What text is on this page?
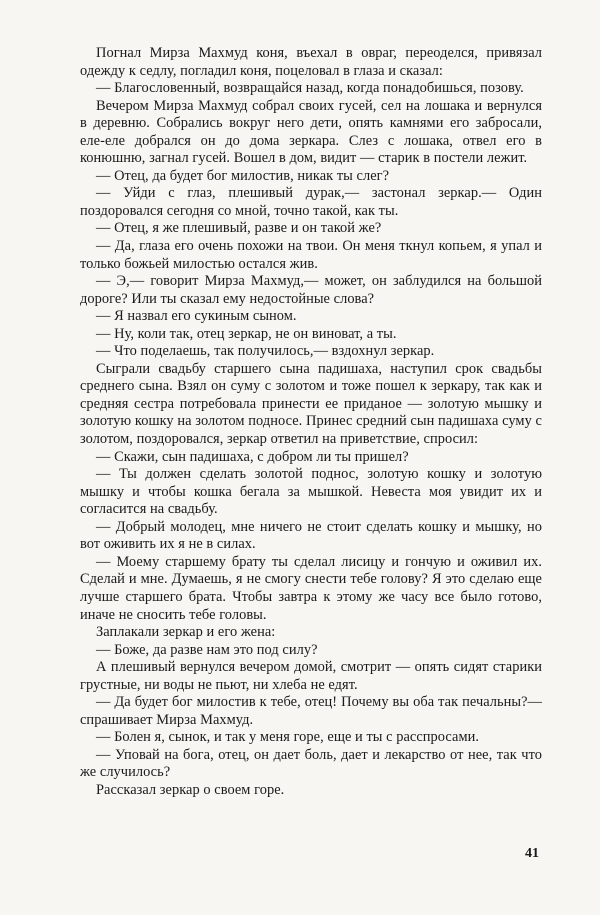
Погнал Мирза Махмуд коня, въехал в овраг, переоделся, привязал одежду к седлу, погладил коня, поцеловал в глаза и сказал:

— Благословенный, возвращайся назад, когда понадобишься, позову.

Вечером Мирза Махмуд собрал своих гусей, сел на лошака и вернулся в деревню. Собрались вокруг него дети, опять камнями его забросали, еле-еле добрался он до дома зеркара. Слез с лошака, отвел его в конюшню, загнал гусей. Вошел в дом, видит — старик в постели лежит.

— Отец, да будет бог милостив, никак ты слег?

— Уйди с глаз, плешивый дурак,— застонал зеркар.— Один поздоровался сегодня со мной, точно такой, как ты.

— Отец, я же плешивый, разве и он такой же?

— Да, глаза его очень похожи на твои. Он меня ткнул копьем, я упал и только божьей милостью остался жив.

— Э,— говорит Мирза Махмуд,— может, он заблудился на большой дороге? Или ты сказал ему недостойные слова?

— Я назвал его сукиным сыном.

— Ну, коли так, отец зеркар, не он виноват, а ты.

— Что поделаешь, так получилось,— вздохнул зеркар.

Сыграли свадьбу старшего сына падишаха, наступил срок свадьбы среднего сына. Взял он суму с золотом и тоже пошел к зеркару, так как и средняя сестра потребовала принести ее приданое — золотую мышку и золотую кошку на золотом подносе. Принес средний сын падишаха суму с золотом, поздоровался, зеркар ответил на приветствие, спросил:

— Скажи, сын падишаха, с добром ли ты пришел?

— Ты должен сделать золотой поднос, золотую кошку и золотую мышку и чтобы кошка бегала за мышкой. Невеста моя увидит их и согласится на свадьбу.

— Добрый молодец, мне ничего не стоит сделать кошку и мышку, но вот оживить их я не в силах.

— Моему старшему брату ты сделал лисицу и гончую и оживил их. Сделай и мне. Думаешь, я не смогу снести тебе голову? Я это сделаю еще лучше старшего брата. Чтобы завтра к этому же часу все было готово, иначе не сносить тебе головы.

Заплакали зеркар и его жена:

— Боже, да разве нам это под силу?

А плешивый вернулся вечером домой, смотрит — опять сидят старики грустные, ни воды не пьют, ни хлеба не едят.

— Да будет бог милостив к тебе, отец! Почему вы оба так печальны?— спрашивает Мирза Махмуд.

— Болен я, сынок, и так у меня горе, еще и ты с расспросами.

— Уповай на бога, отец, он дает боль, дает и лекарство от нее, так что же случилось?

Рассказал зеркар о своем горе.

41
